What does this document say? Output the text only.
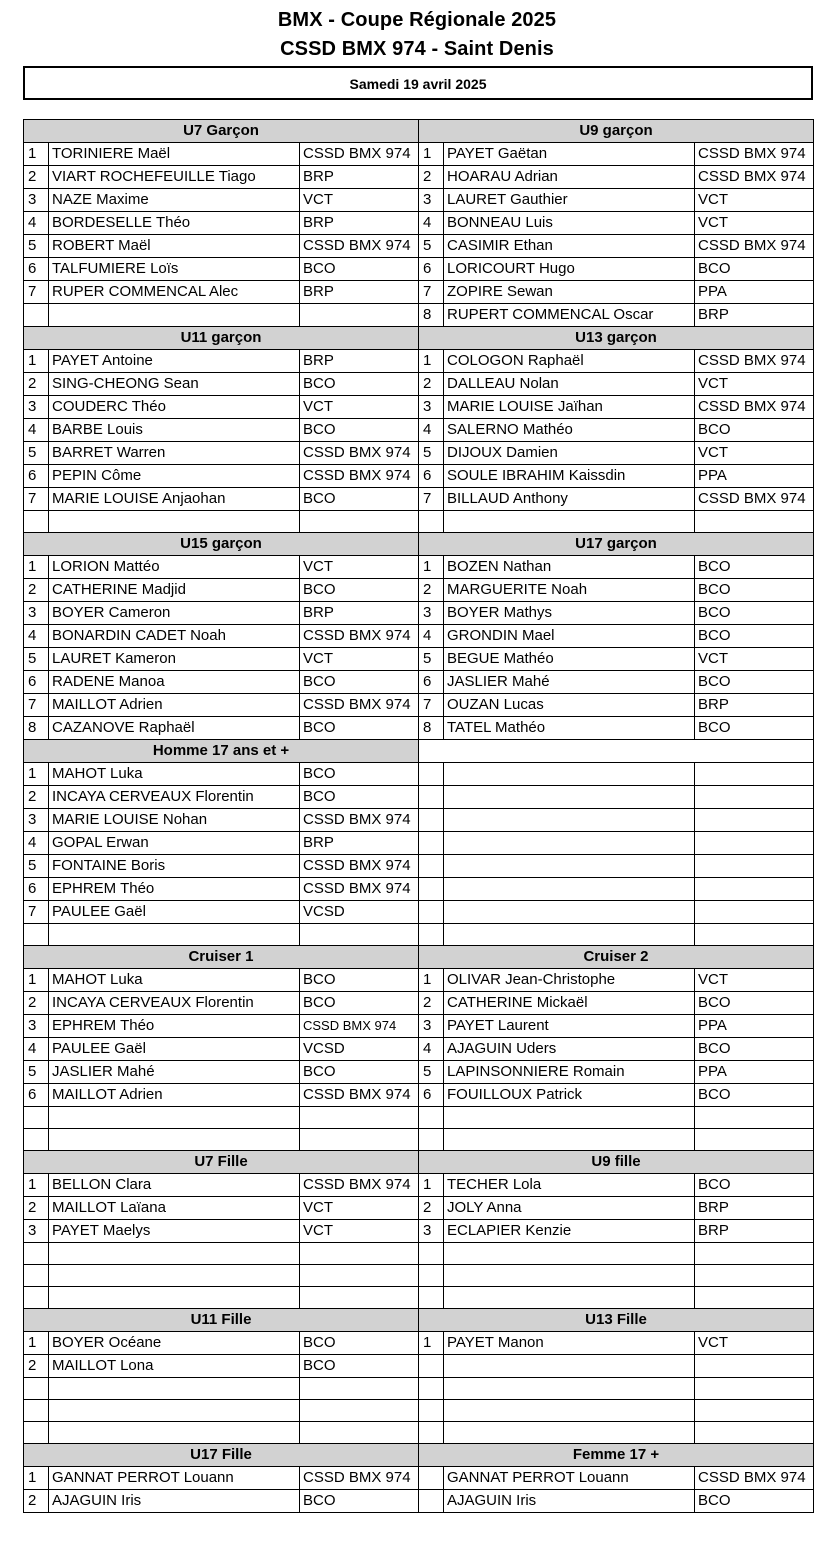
BMX - Coupe Régionale 2025
CSSD BMX 974 - Saint Denis
Samedi 19 avril 2025
U7 Garçon			U9 garçon		
1	TORINIERE Maël	CSSD BMX 974	1	PAYET Gaëtan	CSSD BMX 974
2	VIART ROCHEFEUILLE Tiago	BRP	2	HOARAU Adrian	CSSD BMX 974
3	NAZE Maxime	VCT	3	LAURET Gauthier	VCT
4	BORDESELLE Théo	BRP	4	BONNEAU Luis	VCT
5	ROBERT Maël	CSSD BMX 974	5	CASIMIR Ethan	CSSD BMX 974
6	TALFUMIERE Loïs	BCO	6	LORICOURT Hugo	BCO
7	RUPER COMMENCAL Alec	BRP	7	ZOPIRE Sewan	PPA
			8	RUPERT COMMENCAL Oscar	BRP
U11 garçon			U13 garçon		
1	PAYET Antoine	BRP	1	COLOGON Raphaël	CSSD BMX 974
2	SING-CHEONG Sean	BCO	2	DALLEAU Nolan	VCT
3	COUDERC Théo	VCT	3	MARIE LOUISE Jaïhan	CSSD BMX 974
4	BARBE Louis	BCO	4	SALERNO Mathéo	BCO
5	BARRET Warren	CSSD BMX 974	5	DIJOUX Damien	VCT
6	PEPIN Côme	CSSD BMX 974	6	SOULE IBRAHIM Kaissdin	PPA
7	MARIE LOUISE Anjaohan	BCO	7	BILLAUD Anthony	CSSD BMX 974

U15 garçon			U17 garçon		
1	LORION Mattéo	VCT	1	BOZEN Nathan	BCO
2	CATHERINE Madjid	BCO	2	MARGUERITE Noah	BCO
3	BOYER Cameron	BRP	3	BOYER Mathys	BCO
4	BONARDIN CADET Noah	CSSD BMX 974	4	GRONDIN Mael	BCO
5	LAURET Kameron	VCT	5	BEGUE Mathéo	VCT
6	RADENE Manoa	BCO	6	JASLIER Mahé	BCO
7	MAILLOT Adrien	CSSD BMX 974	7	OUZAN Lucas	BRP
8	CAZANOVE Raphaël	BCO	8	TATEL Mathéo	BCO
Homme 17 ans et +					
1	MAHOT Luka	BCO			
2	INCAYA CERVEAUX Florentin	BCO			
3	MARIE LOUISE Nohan	CSSD BMX 974			
4	GOPAL Erwan	BRP			
5	FONTAINE Boris	CSSD BMX 974			
6	EPHREM Théo	CSSD BMX 974			
7	PAULEE Gaël	VCSD			

Cruiser 1			Cruiser 2		
1	MAHOT Luka	BCO	1	OLIVAR Jean-Christophe	VCT
2	INCAYA CERVEAUX Florentin	BCO	2	CATHERINE Mickaël	BCO
3	EPHREM Théo	CSSD BMX 974	3	PAYET Laurent	PPA
4	PAULEE Gaël	VCSD	4	AJAGUIN Uders	BCO
5	JASLIER Mahé	BCO	5	LAPINSONNIERE Romain	PPA
6	MAILLOT Adrien	CSSD BMX 974	6	FOUILLOUX Patrick	BCO

U7 Fille			U9 fille		
1	BELLON Clara	CSSD BMX 974	1	TECHER Lola	BCO
2	MAILLOT Laïana	VCT	2	JOLY Anna	BRP
3	PAYET Maelys	VCT	3	ECLAPIER Kenzie	BRP

U11 Fille			U13 Fille		
1	BOYER Océane	BCO	1	PAYET Manon	VCT
2	MAILLOT Lona	BCO			

U17 Fille			Femme 17 +		
1	GANNAT PERROT Louann	CSSD BMX 974		GANNAT PERROT Louann	CSSD BMX 974
2	AJAGUIN Iris	BCO		AJAGUIN Iris	BCO
